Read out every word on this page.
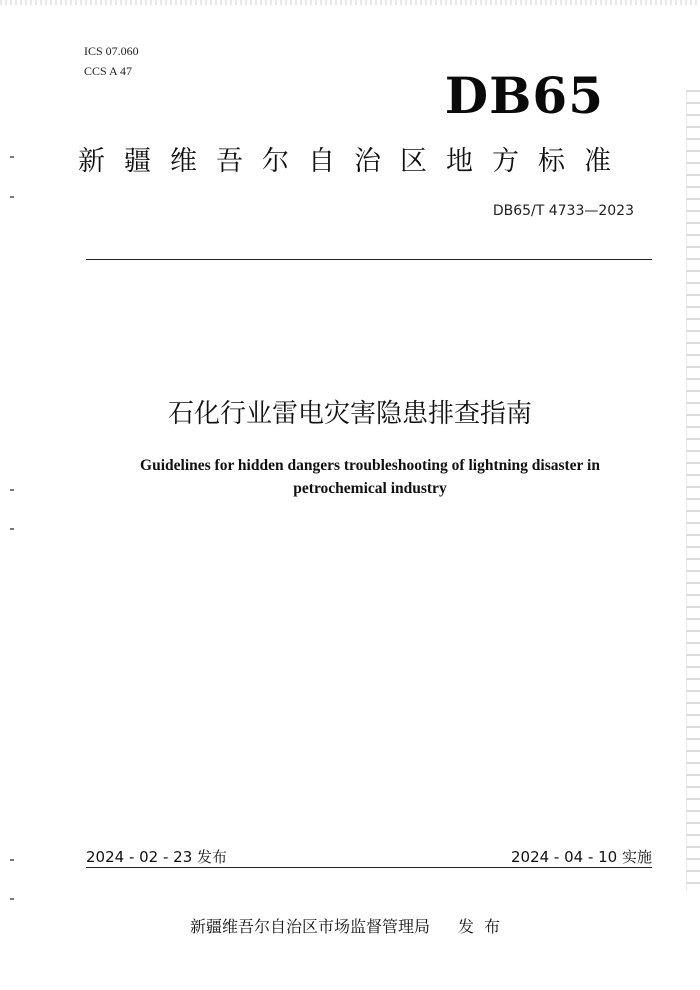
ICS 07.060
CCS A 47	DB65
新疆维吾尔自治区地方标准
DB65/T 4733—2023
石化行业雷电灾害隐患排查指南
Guidelines for hidden dangers troubleshooting of lightning disaster in petrochemical industry
2024 - 02 - 23 发布	2024 - 04 - 10 实施
新疆维吾尔自治区市场监督管理局 发布
